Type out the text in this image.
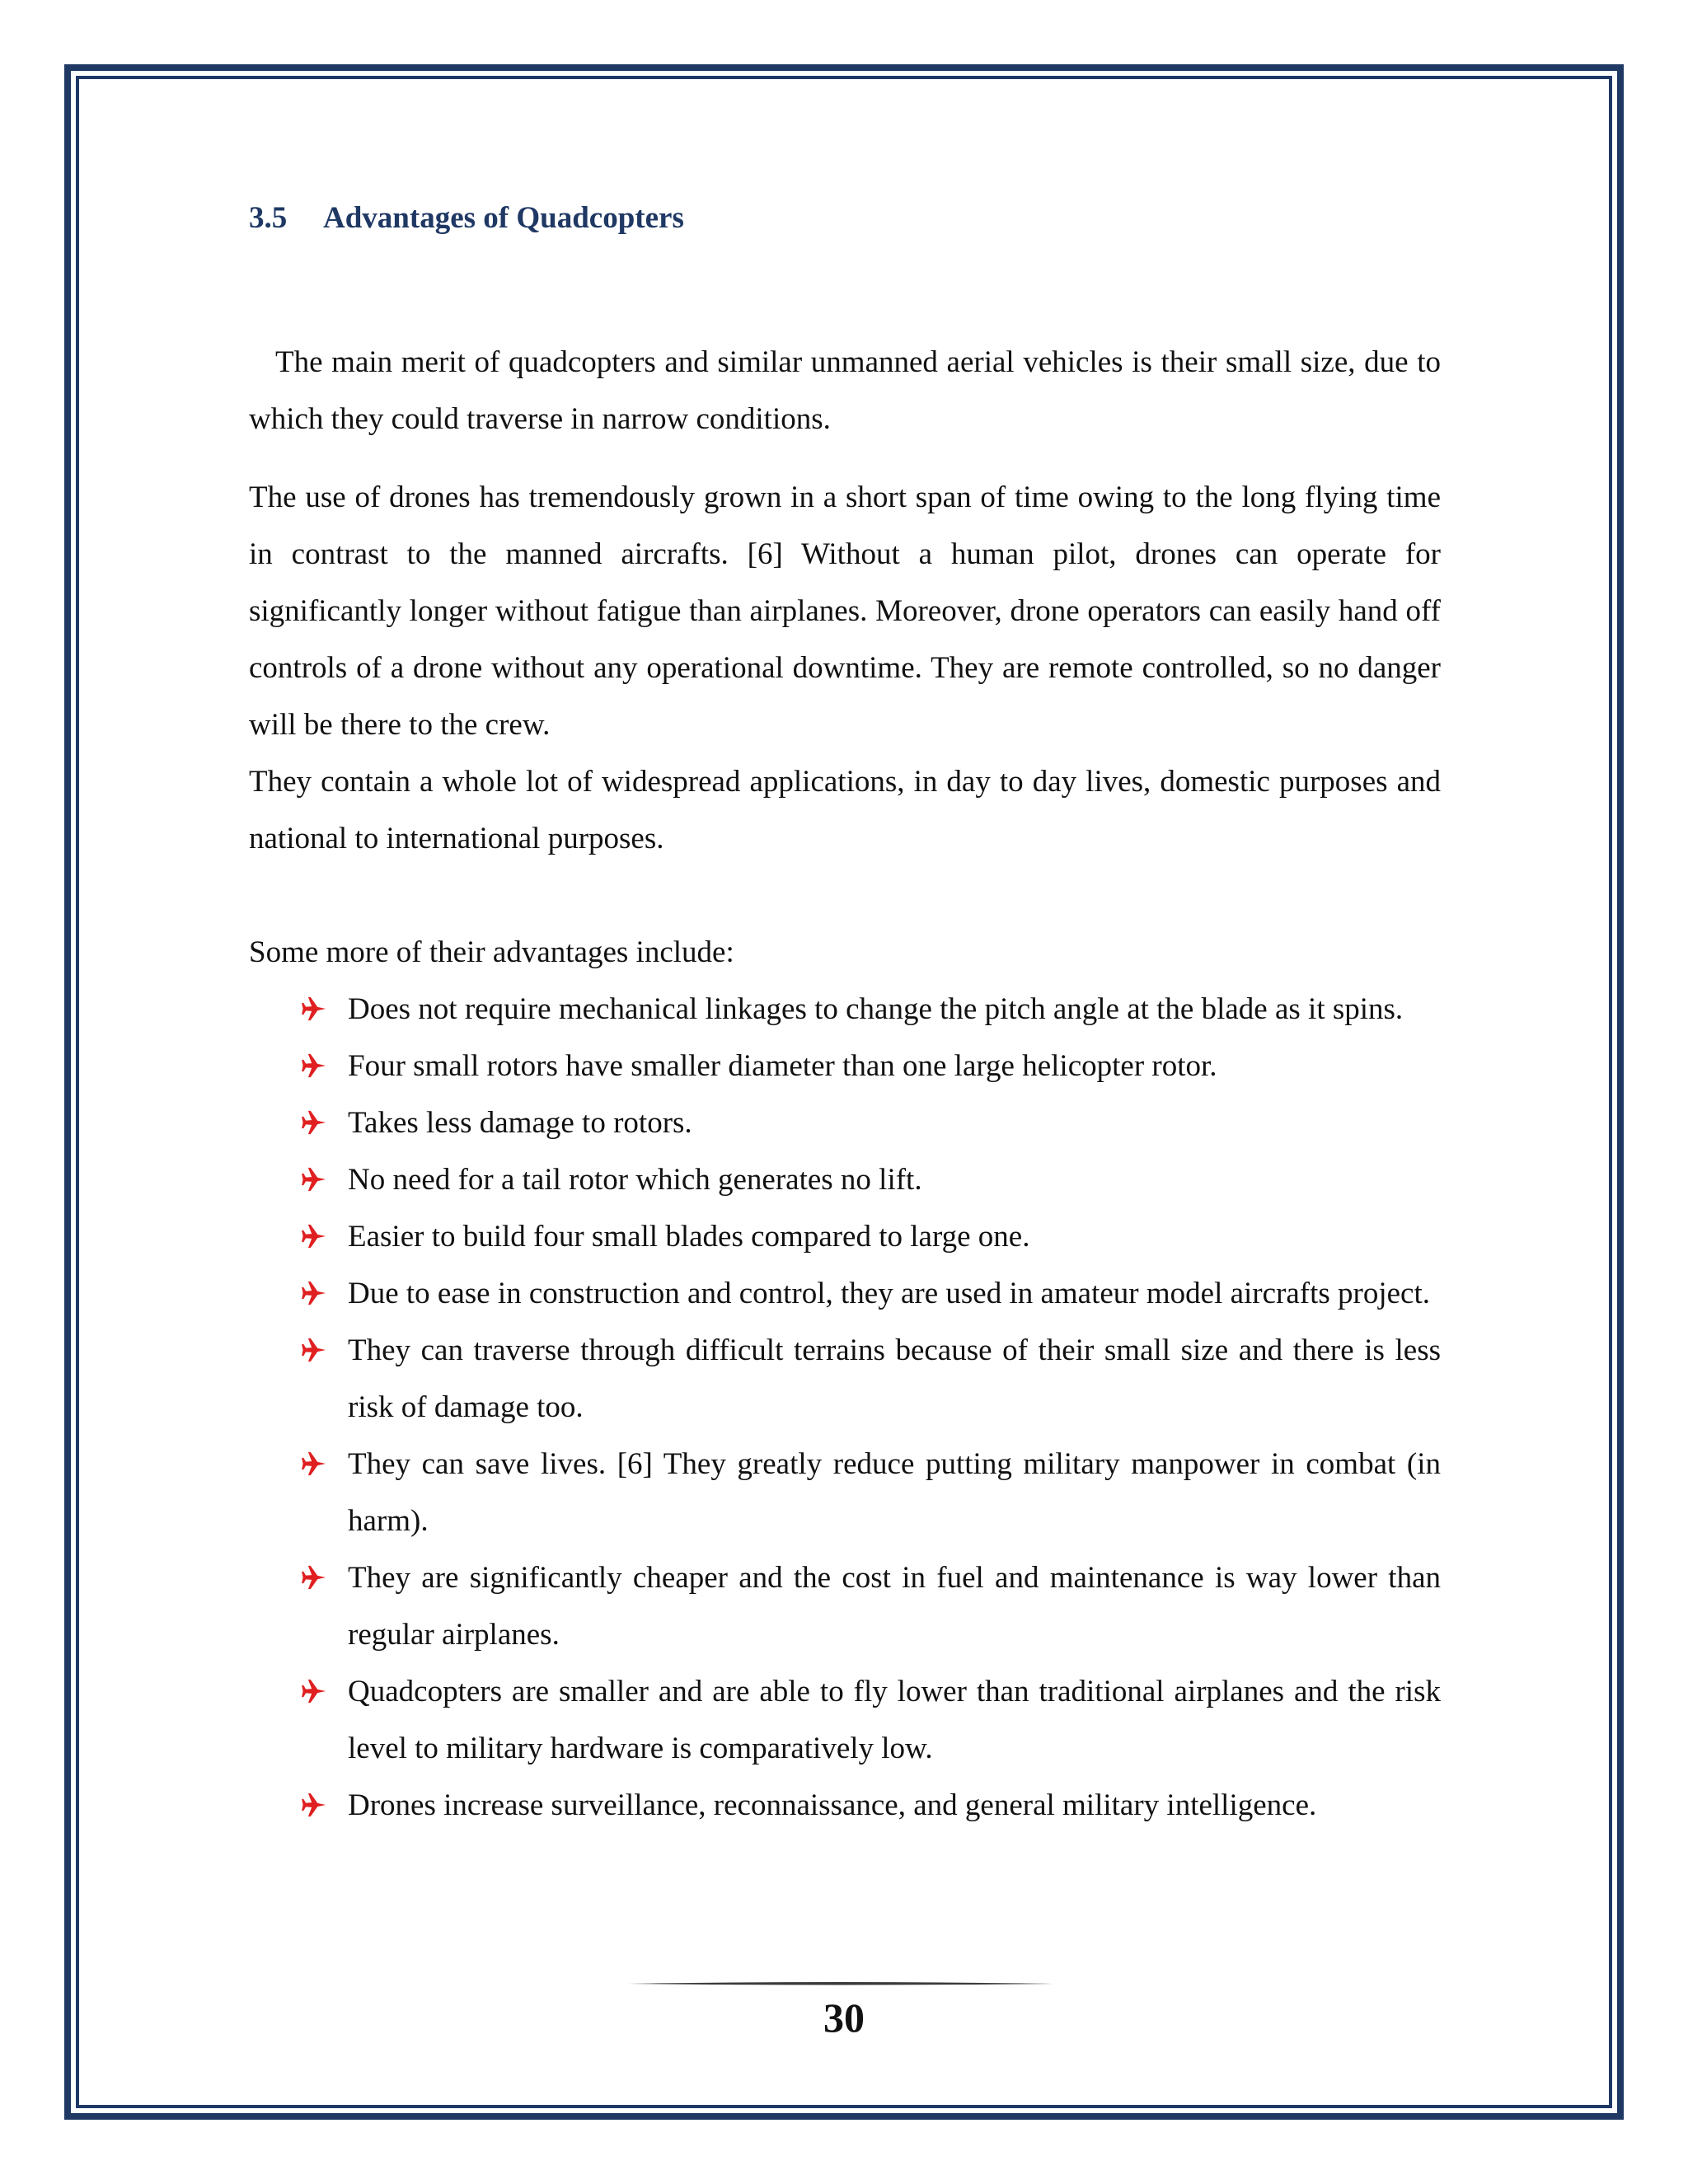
3.5 Advantages of Quadcopters

The main merit of quadcopters and similar unmanned aerial vehicles is their small size, due to which they could traverse in narrow conditions.

The use of drones has tremendously grown in a short span of time owing to the long flying time in contrast to the manned aircrafts. [6] Without a human pilot, drones can operate for significantly longer without fatigue than airplanes. Moreover, drone operators can easily hand off controls of a drone without any operational downtime. They are remote controlled, so no danger will be there to the crew.

They contain a whole lot of widespread applications, in day to day lives, domestic purposes and national to international purposes.

Some more of their advantages include:

Does not require mechanical linkages to change the pitch angle at the blade as it spins.
Four small rotors have smaller diameter than one large helicopter rotor.
Takes less damage to rotors.
No need for a tail rotor which generates no lift.
Easier to build four small blades compared to large one.
Due to ease in construction and control, they are used in amateur model aircrafts project.
They can traverse through difficult terrains because of their small size and there is less risk of damage too.
They can save lives. [6] They greatly reduce putting military manpower in combat (in harm).
They are significantly cheaper and the cost in fuel and maintenance is way lower than regular airplanes.
Quadcopters are smaller and are able to fly lower than traditional airplanes and the risk level to military hardware is comparatively low.
Drones increase surveillance, reconnaissance, and general military intelligence.
30
